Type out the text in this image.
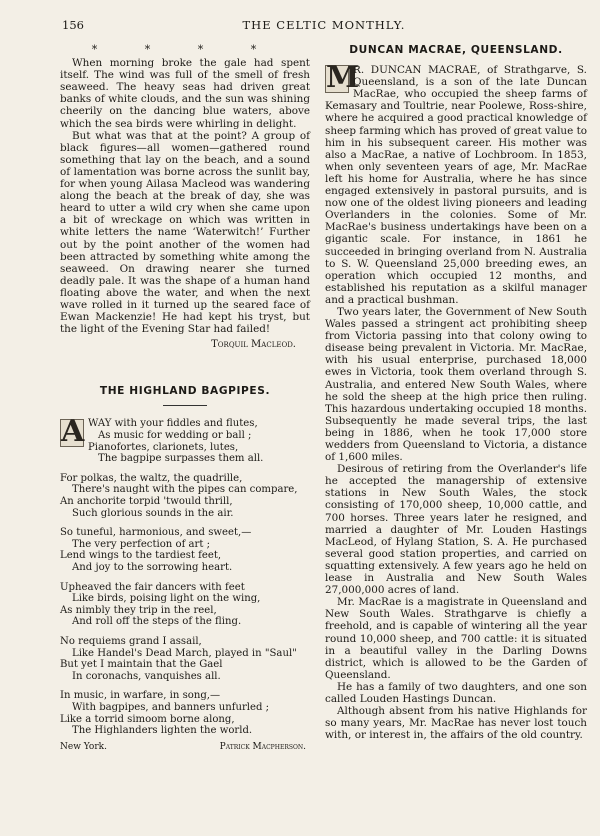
156	THE CELTIC MONTHLY.
* * * *

When morning broke the gale had spent itself. The wind was full of the smell of fresh seaweed. The heavy seas had driven great banks of white clouds, and the sun was shining cheerily on the dancing blue waters, above which the sea birds were whirling in delight.

But what was that at the point? A group of black figures—all women—gathered round something that lay on the beach, and a sound of lamentation was borne across the sunlit bay, for when young Ailasa Macleod was wandering along the beach at the break of day, she was heard to utter a wild cry when she came upon a bit of wreckage on which was written in white letters the name ‘Waterwitch!’ Further out by the point another of the women had been attracted by something white among the seaweed. On drawing nearer she turned deadly pale. It was the shape of a human hand floating above the water, and when the next wave rolled in it turned up the seared face of Ewan Mackenzie! He had kept his tryst, but the light of the Evening Star had failed!

Torquil Macleod.
THE HIGHLAND BAGPIPES.
A WAY with your fiddles and flutes,
As music for wedding or ball ;
Pianofortes, clarionets, lutes,
The bagpipe surpasses them all.
For polkas, the waltz, the quadrille,
There's naught with the pipes can compare,
An anchorite torpid 'twould thrill,
Such glorious sounds in the air.
So tuneful, harmonious, and sweet,—
The very perfection of art ;
Lend wings to the tardiest feet,
And joy to the sorrowing heart.
Upheaved the fair dancers with feet
Like birds, poising light on the wing,
As nimbly they trip in the reel,
And roll off the steps of the fling.
No requiems grand I assail,
Like Handel's Dead March, played in "Saul"
But yet I maintain that the Gael
In coronachs, vanquishes all.
In music, in warfare, in song,—
With bagpipes, and banners unfurled ;
Like a torrid simoom borne along,
The Highlanders lighten the world.
New York.	Patrick Macpherson.
DUNCAN MACRAE, QUEENSLAND.

M
R. DUNCAN MACRAE, of Strathgarve, S. Queensland, is a son of the late Duncan MacRae, who occupied the sheep farms of Kemasary and Toultrie, near Poolewe, Ross-shire, where he acquired a good practical knowledge of sheep farming which has proved of great value to him in his subsequent career. His mother was also a MacRae, a native of Lochbroom. In 1853, when only seventeen years of age, Mr. MacRae left his home for Australia, where he has since engaged extensively in pastoral pursuits, and is now one of the oldest living pioneers and leading Overlanders in the colonies. Some of Mr. MacRae's business undertakings have been on a gigantic scale. For instance, in 1861 he succeeded in bringing overland from N. Australia to S. W. Queensland 25,000 breeding ewes, an operation which occupied 12 months, and established his reputation as a skilful manager and a practical bushman.

Two years later, the Government of New South Wales passed a stringent act prohibiting sheep from Victoria passing into that colony owing to disease being prevalent in Victoria. Mr. MacRae, with his usual enterprise, purchased 18,000 ewes in Victoria, took them overland through S. Australia, and entered New South Wales, where he sold the sheep at the high price then ruling. This hazardous undertaking occupied 18 months. Subsequently he made several trips, the last being in 1886, when he took 17,000 store wedders from Queensland to Victoria, a distance of 1,600 miles.

Desirous of retiring from the Overlander's life he accepted the managership of extensive stations in New South Wales, the stock consisting of 170,000 sheep, 10,000 cattle, and 700 horses. Three years later he resigned, and married a daughter of Mr. Louden Hastings MacLeod, of Hylang Station, S. A. He purchased several good station properties, and carried on squatting extensively. A few years ago he held on lease in Australia and New South Wales 27,000,000 acres of land.

Mr. MacRae is a magistrate in Queensland and New South Wales. Strathgarve is chiefly a freehold, and is capable of wintering all the year round 10,000 sheep, and 700 cattle: it is situated in a beautiful valley in the Darling Downs district, which is allowed to be the Garden of Queensland.

He has a family of two daughters, and one son called Louden Hastings Duncan.

Although absent from his native Highlands for so many years, Mr. MacRae has never lost touch with, or interest in, the affairs of the old country.
